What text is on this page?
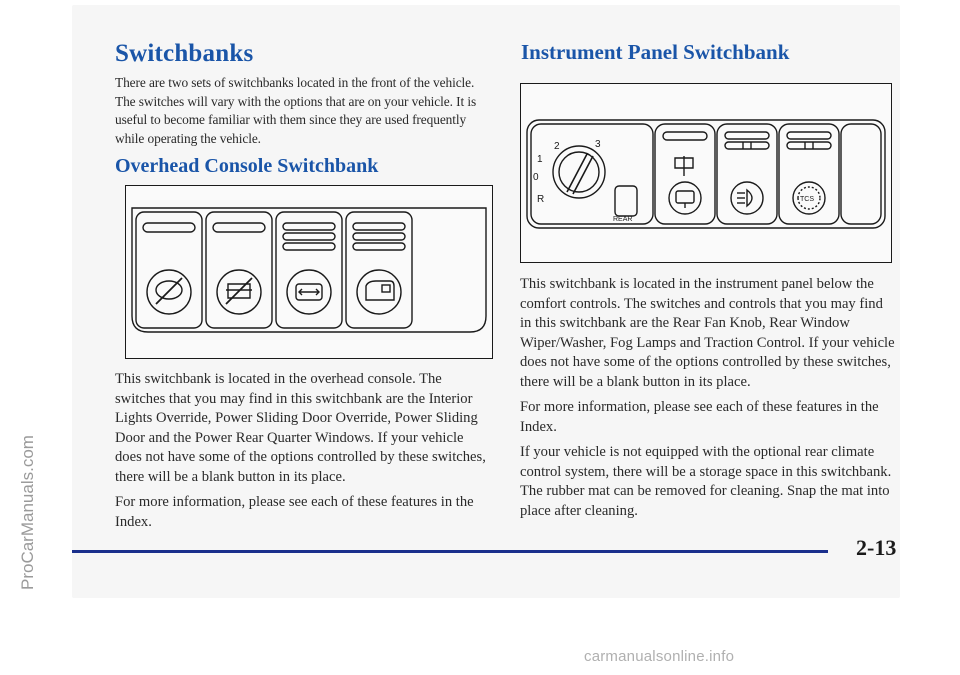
ProCarManuals.com
Switchbanks

There are two sets of switchbanks located in the front of the vehicle. The switches will vary with the options that are on your vehicle. It is useful to become familiar with them since they are used frequently while operating the vehicle.

Overhead Console Switchbank

This switchbank is located in the overhead console. The switches that you may find in this switchbank are the Interior Lights Override, Power Sliding Door Override, Power Sliding Door and the Power Rear Quarter Windows. If your vehicle does not have some of the options controlled by these switches, there will be a blank button in its place.

For more information, please see each of these features in the Index.

Instrument Panel Switchbank
2	3
1
0
R
REAR
TCS

This switchbank is located in the instrument panel below the comfort controls. The switches and controls that you may find in this switchbank are the Rear Fan Knob, Rear Window Wiper/Washer, Fog Lamps and Traction Control. If your vehicle does not have some of the options controlled by these switches, there will be a blank button in its place.

For more information, please see each of these features in the Index.

If your vehicle is not equipped with the optional rear climate control system, there will be a storage space in this switchbank. The rubber mat can be removed for cleaning. Snap the mat into place after cleaning.

2-13
carmanualsonline.info
